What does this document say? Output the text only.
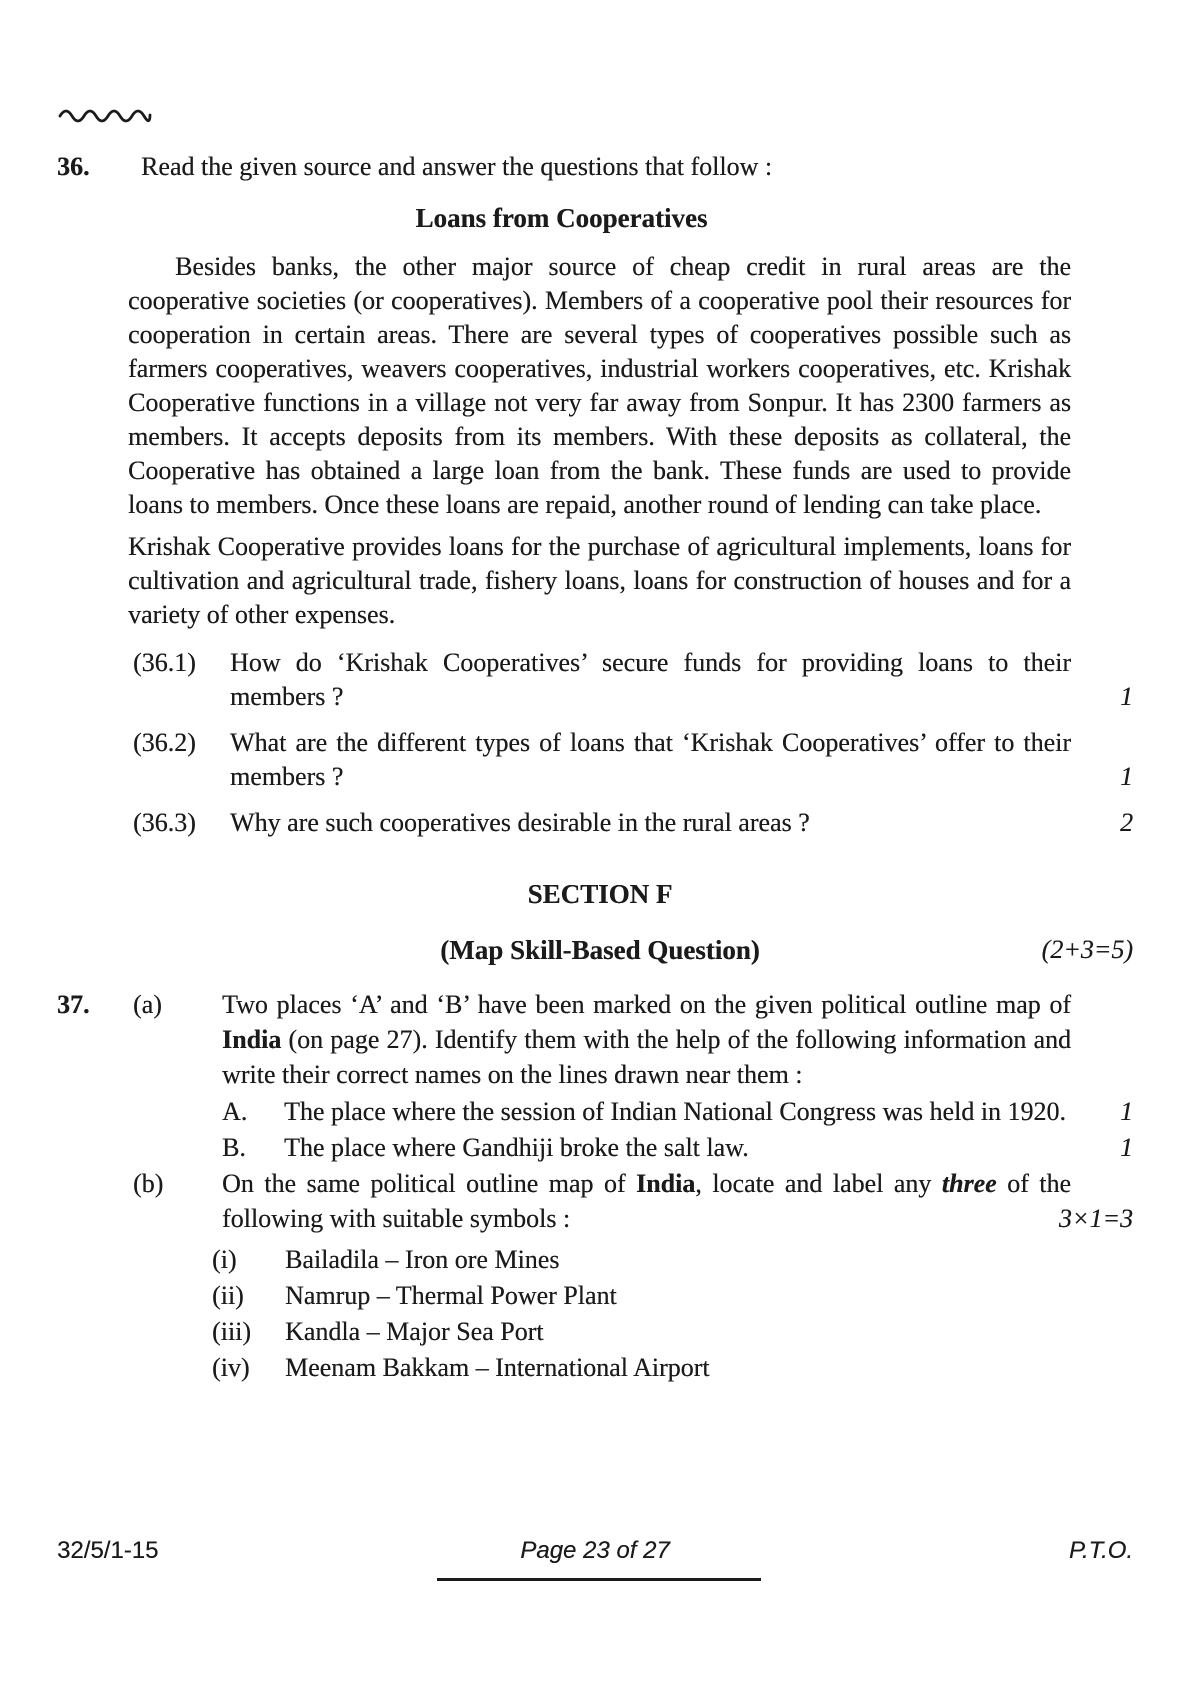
36.	Read the given source and answer the questions that follow :
Loans from Cooperatives

Besides banks, the other major source of cheap credit in rural areas are the cooperative societies (or cooperatives). Members of a cooperative pool their resources for cooperation in certain areas. There are several types of cooperatives possible such as farmers cooperatives, weavers cooperatives, industrial workers cooperatives, etc. Krishak Cooperative functions in a village not very far away from Sonpur. It has 2300 farmers as members. It accepts deposits from its members. With these deposits as collateral, the Cooperative has obtained a large loan from the bank. These funds are used to provide loans to members. Once these loans are repaid, another round of lending can take place.

Krishak Cooperative provides loans for the purchase of agricultural implements, loans for cultivation and agricultural trade, fishery loans, loans for construction of houses and for a variety of other expenses.

(36.1)	How do ‘Krishak Cooperatives’ secure funds for providing loans to their members ?	1
(36.2)	What are the different types of loans that ‘Krishak Cooperatives’ offer to their members ?	1
(36.3)	Why are such cooperatives desirable in the rural areas ?	2
SECTION F
(Map Skill-Based Question)	(2+3=5)
37.	(a)	Two places ‘A’ and ‘B’ have been marked on the given political outline map of India (on page 27). Identify them with the help of the following information and write their correct names on the lines drawn near them :
A.	The place where the session of Indian National Congress was held in 1920. 1
B.	The place where Gandhiji broke the salt law.	1
(b)	On the same political outline map of India, locate and label any three of the following with suitable symbols :	3×1=3
(i)	Bailadila – Iron ore Mines
(ii)	Namrup – Thermal Power Plant
(iii)	Kandla – Major Sea Port
(iv)	Meenam Bakkam – International Airport
32/5/1-15	Page 23 of 27	P.T.O.
